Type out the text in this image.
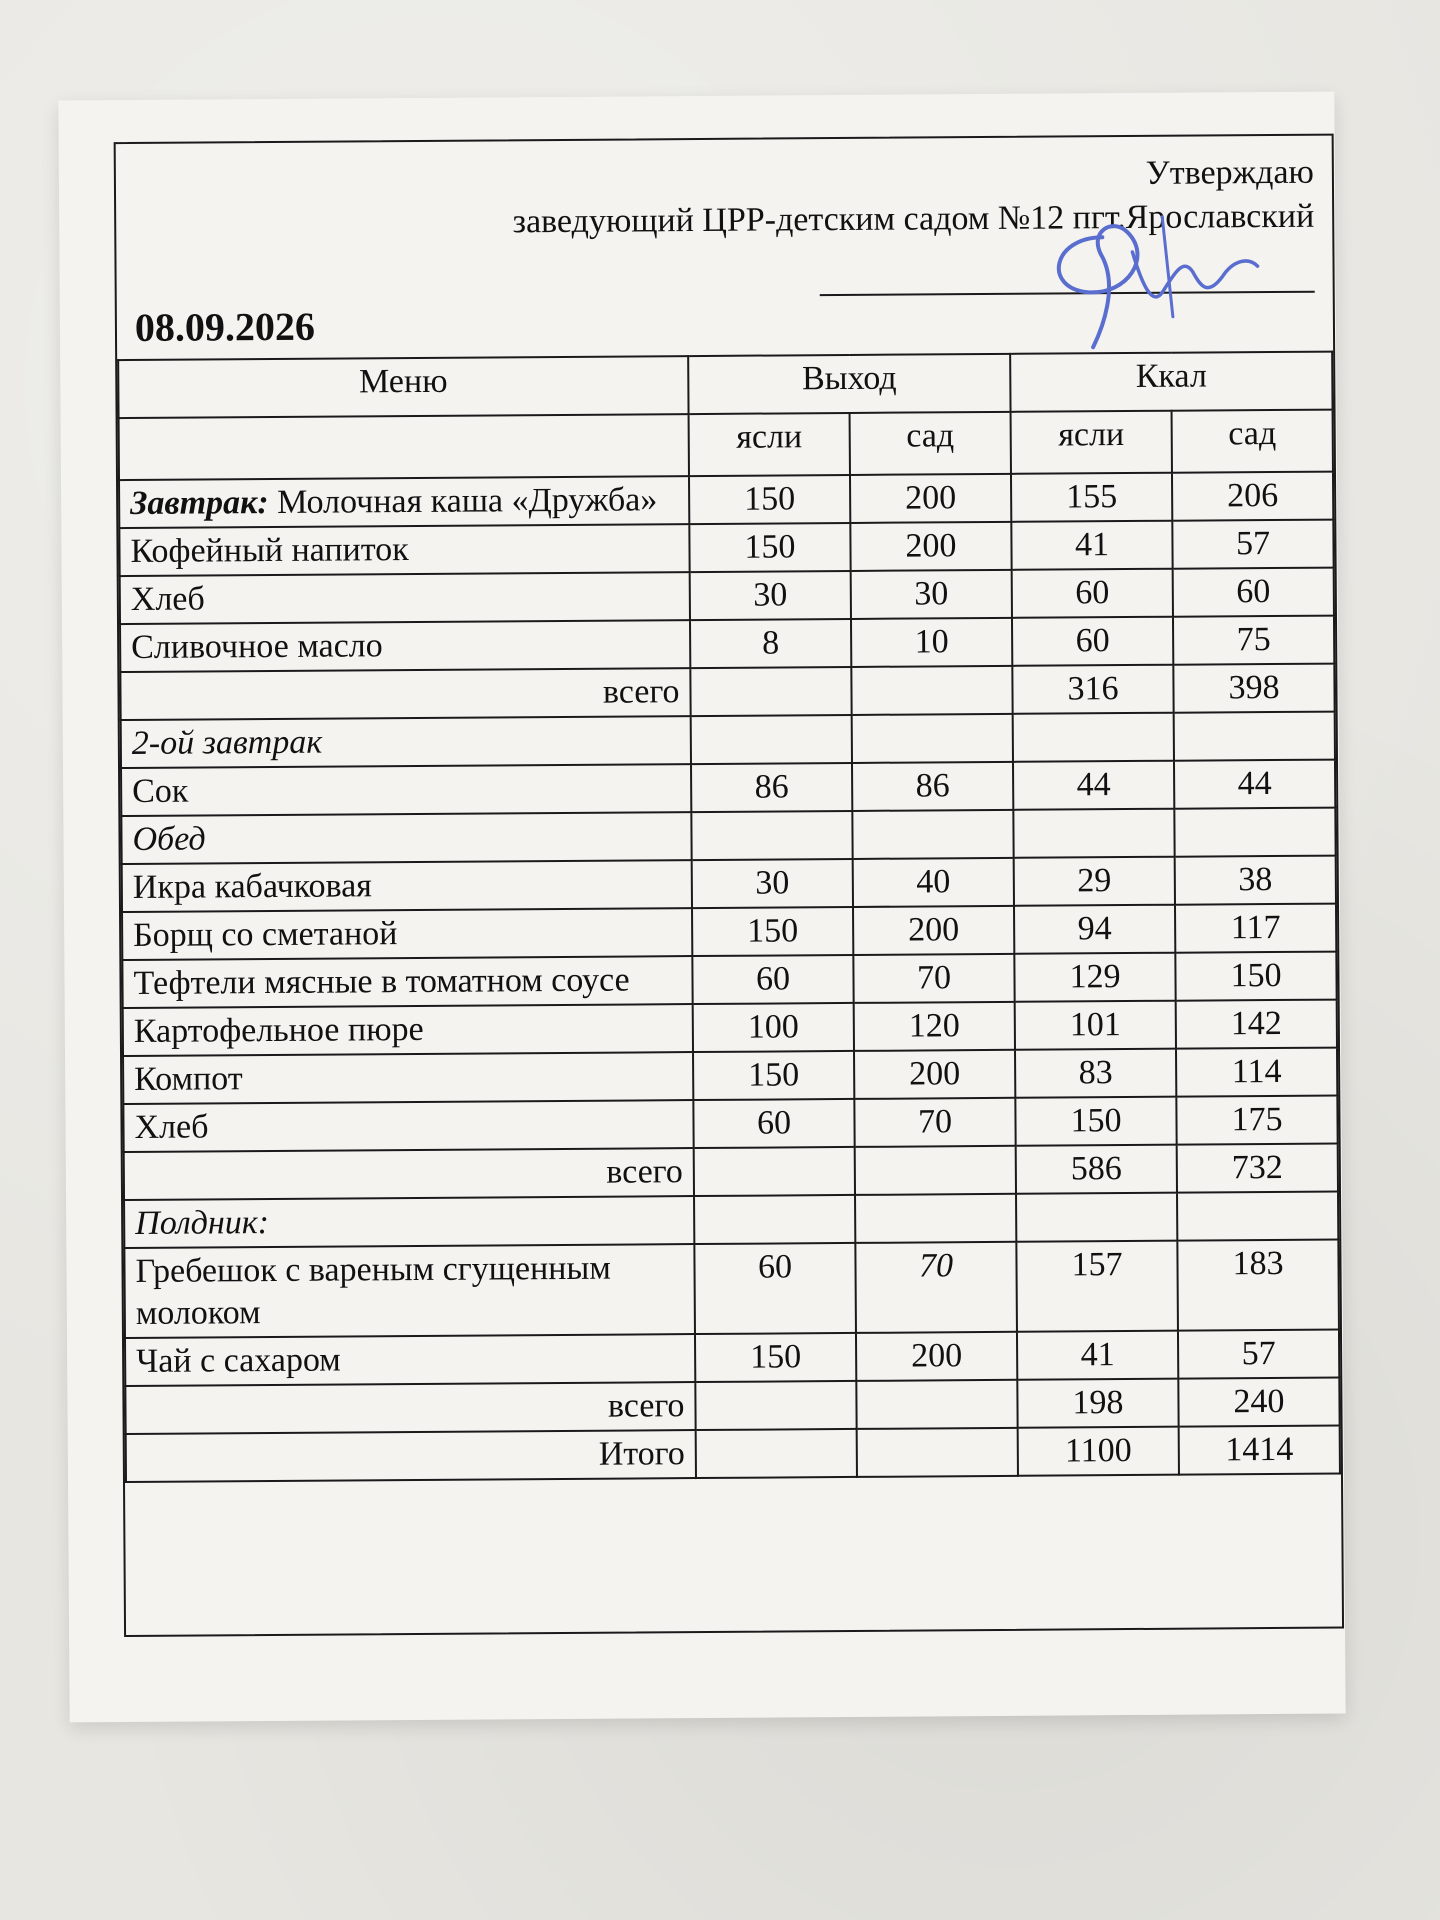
Утверждаю
заведующий ЦРР-детским садом №12 пгт.Ярославский
08.09.2026
Меню	Выход		Ккал	
	ясли	сад	ясли	сад
Завтрак: Молочная каша «Дружба»	150	200	155	206
Кофейный напиток	150	200	41	57
Хлеб	30	30	60	60
Сливочное масло	8	10	60	75
всего			316	398
2-ой завтрак				
Сок	86	86	44	44
Обед				
Икра кабачковая	30	40	29	38
Борщ со сметаной	150	200	94	117
Тефтели мясные в томатном соусе	60	70	129	150
Картофельное пюре	100	120	101	142
Компот	150	200	83	114
Хлеб	60	70	150	175
всего			586	732
Полдник:				
Гребешок с вареным сгущенным молоком	60	70	157	183
Чай с сахаром	150	200	41	57
всего			198	240
Итого			1100	1414
